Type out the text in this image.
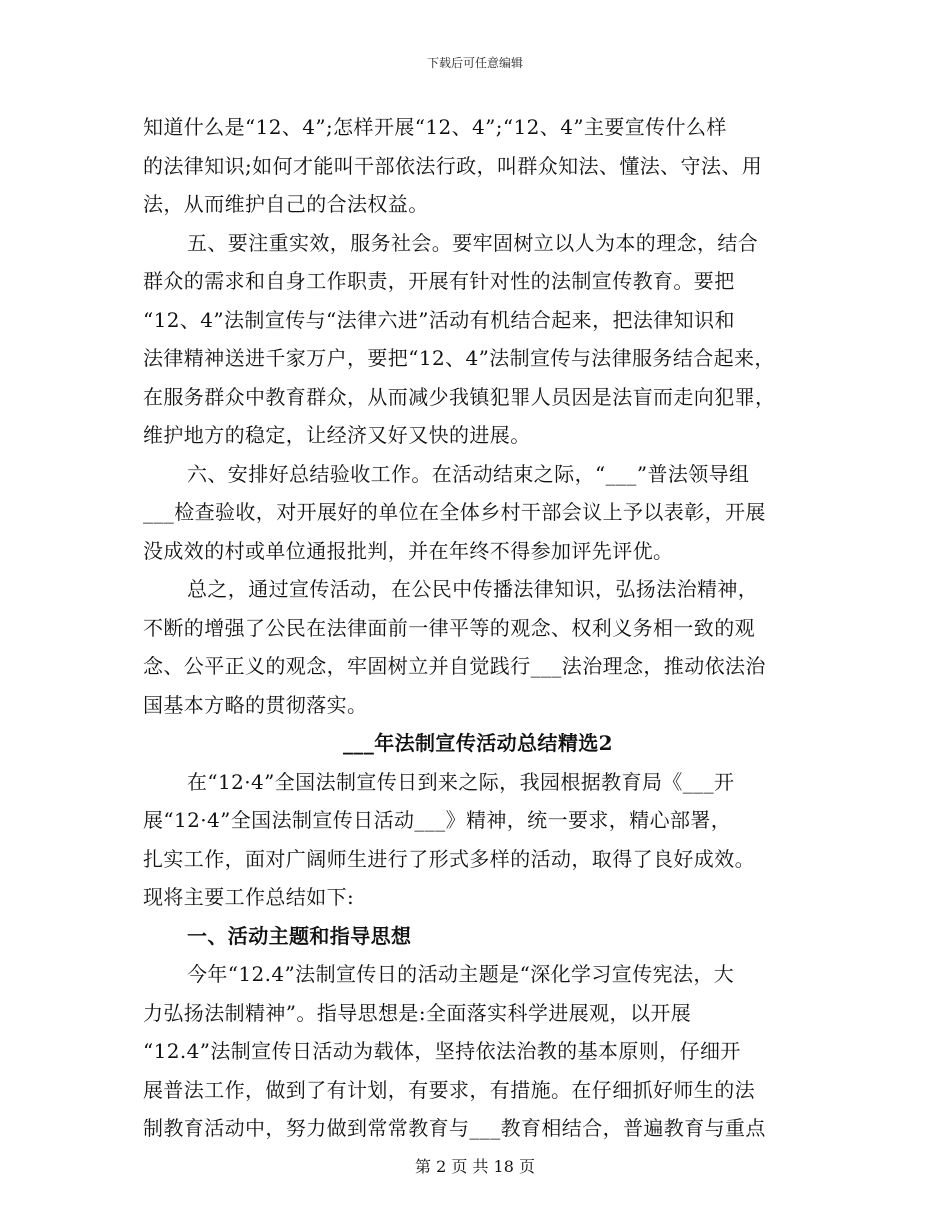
下载后可任意编辑
知道什么是“12、4”;怎样开展“12、4”;“12、4”主要宣传什么样
的法律知识;如何才能叫干部依法行政，叫群众知法、懂法、守法、用
法，从而维护自己的合法权益。
五、要注重实效，服务社会。要牢固树立以人为本的理念，结合
群众的需求和自身工作职责，开展有针对性的法制宣传教育。要把
“12、4”法制宣传与“法律六进”活动有机结合起来，把法律知识和
法律精神送进千家万户，要把“12、4”法制宣传与法律服务结合起来，
在服务群众中教育群众，从而减少我镇犯罪人员因是法盲而走向犯罪，
维护地方的稳定，让经济又好又快的进展。
六、安排好总结验收工作。在活动结束之际，“___”普法领导组
___检查验收，对开展好的单位在全体乡村干部会议上予以表彰，开展
没成效的村或单位通报批判，并在年终不得参加评先评优。
总之，通过宣传活动，在公民中传播法律知识，弘扬法治精神，
不断的增强了公民在法律面前一律平等的观念、权利义务相一致的观
念、公平正义的观念，牢固树立并自觉践行___法治理念，推动依法治
国基本方略的贯彻落实。
___年法制宣传活动总结精选2
在“12·4”全国法制宣传日到来之际，我园根据教育局《___开
展“12·4”全国法制宣传日活动___》精神，统一要求，精心部署，
扎实工作，面对广阔师生进行了形式多样的活动，取得了良好成效。
现将主要工作总结如下:
一、活动主题和指导思想
今年“12.4”法制宣传日的活动主题是“深化学习宣传宪法，大
力弘扬法制精神”。指导思想是:全面落实科学进展观，以开展
“12.4”法制宣传日活动为载体，坚持依法治教的基本原则，仔细开
展普法工作，做到了有计划，有要求，有措施。在仔细抓好师生的法
制教育活动中，努力做到常常教育与___教育相结合，普遍教育与重点
第 2 页 共 18 页
